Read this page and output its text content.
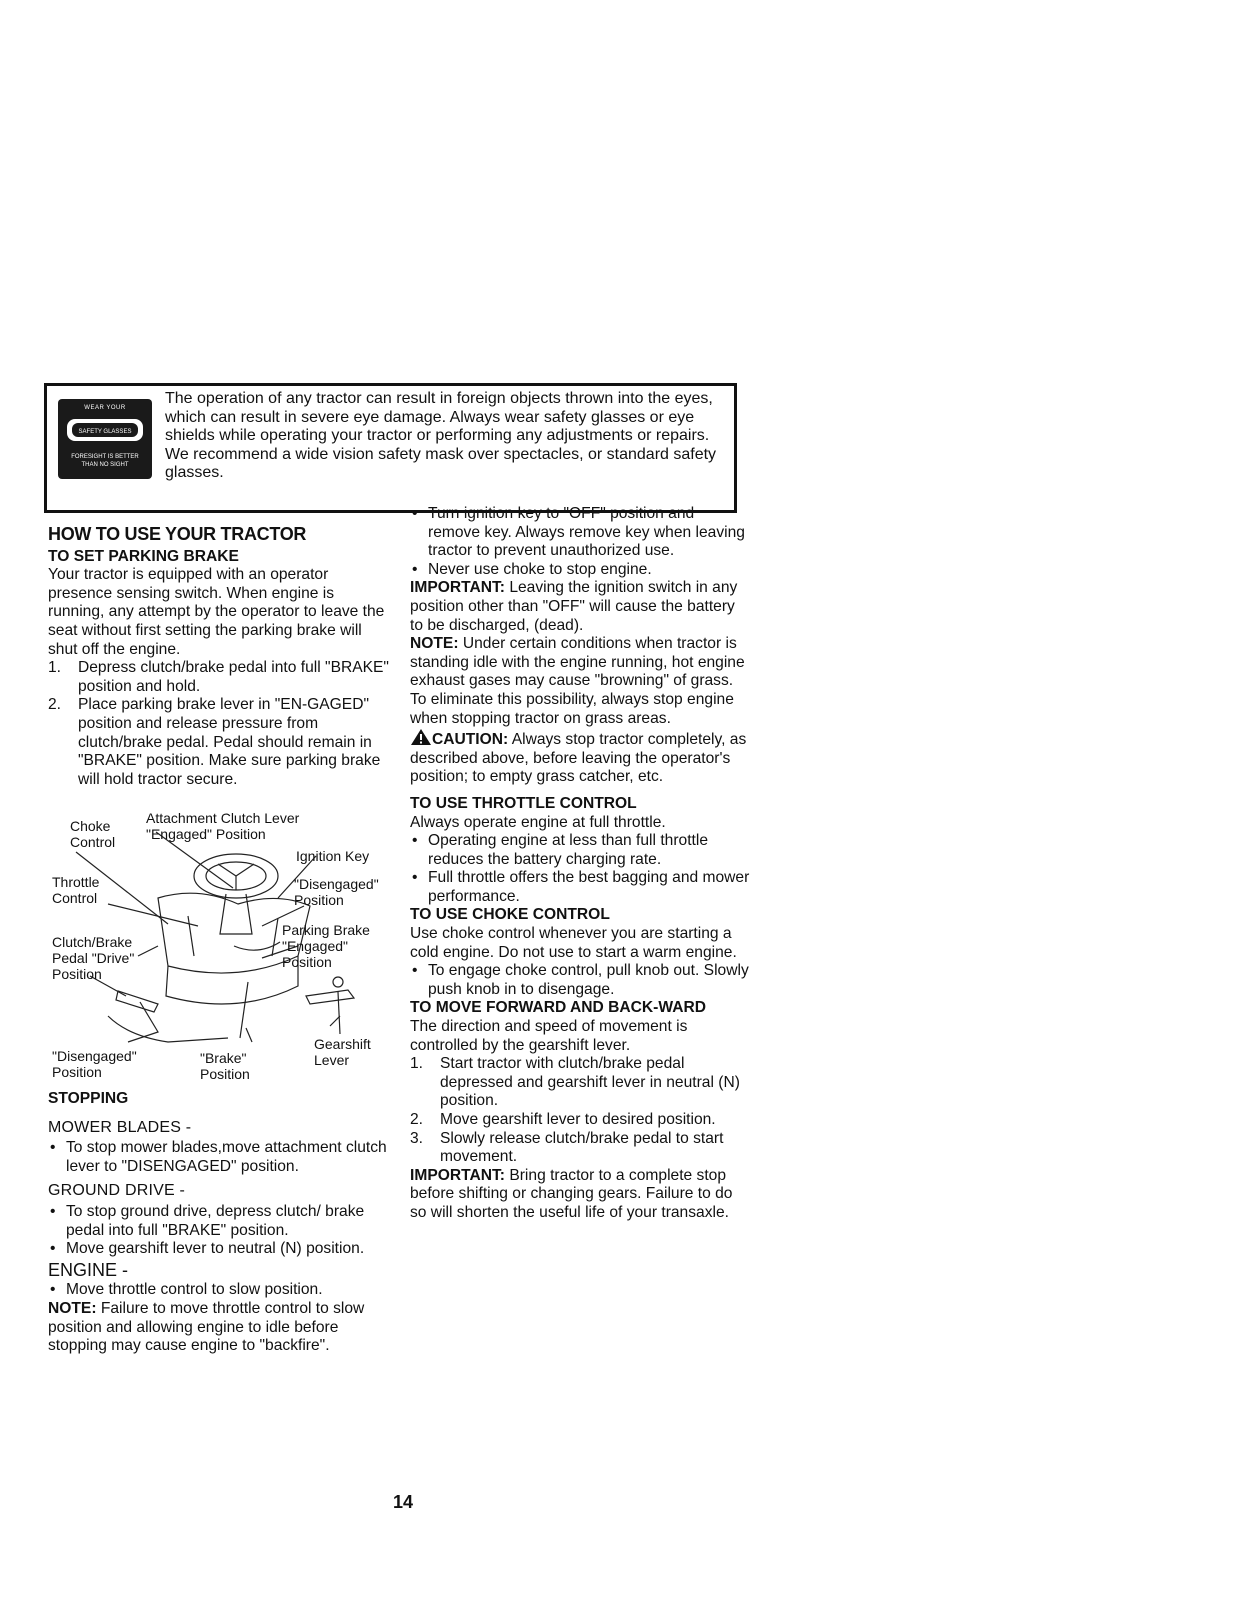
WEAR YOUR
SAFETY GLASSES
FORESIGHT IS BETTER
THAN NO SIGHT

The operation of any tractor can result in foreign objects thrown into the eyes, which can result in severe eye damage. Always wear safety glasses or eye shields while operating your tractor or performing any adjustments or repairs. We recommend a wide vision safety mask over spectacles, or standard safety glasses.

HOW TO USE YOUR TRACTOR
TO SET PARKING BRAKE

Your tractor is equipped with an operator presence sensing switch. When engine is running, any attempt by the operator to leave the seat without first setting the parking brake will shut off the engine.

1. Depress clutch/brake pedal into full "BRAKE" position and hold.
2. Place parking brake lever in "EN-GAGED" position and release pressure from clutch/brake pedal. Pedal should remain in "BRAKE" position. Make sure parking brake will hold tractor secure.
Choke
Control
Attachment Clutch Lever
"Engaged" Position
Ignition Key
Throttle
Control
"Disengaged"
Position
Parking Brake
"Engaged"
Position
Clutch/Brake
Pedal "Drive"
Position
Gearshift
Lever
"Disengaged"
Position
"Brake"
Position
STOPPING
MOWER BLADES -
• To stop mower blades,move attachment clutch lever to "DISENGAGED" position.
GROUND DRIVE -
• To stop ground drive, depress clutch/ brake pedal into full "BRAKE" position.
• Move gearshift lever to neutral (N) position.
ENGINE -
• Move throttle control to slow position.

NOTE: Failure to move throttle control to slow position and allowing engine to idle before stopping may cause engine to "backfire".

• Turn ignition key to "OFF" position and remove key. Always remove key when leaving tractor to prevent unauthorized use.
• Never use choke to stop engine.

IMPORTANT: Leaving the ignition switch in any position other than "OFF" will cause the battery to be discharged, (dead).

NOTE: Under certain conditions when tractor is standing idle with the engine running, hot engine exhaust gases may cause "browning" of grass. To eliminate this possibility, always stop engine when stopping tractor on grass areas.

CAUTION: Always stop tractor completely, as described above, before leaving the operator's position; to empty grass catcher, etc.

TO USE THROTTLE CONTROL

Always operate engine at full throttle.

• Operating engine at less than full throttle reduces the battery charging rate.
• Full throttle offers the best bagging and mower performance.
TO USE CHOKE CONTROL

Use choke control whenever you are starting a cold engine. Do not use to start a warm engine.

• To engage choke control, pull knob out. Slowly push knob in to disengage.
TO MOVE FORWARD AND BACK-WARD

The direction and speed of movement is controlled by the gearshift lever.

1. Start tractor with clutch/brake pedal depressed and gearshift lever in neutral (N) position.
2. Move gearshift lever to desired position.
3. Slowly release clutch/brake pedal to start movement.

IMPORTANT: Bring tractor to a complete stop before shifting or changing gears. Failure to do so will shorten the useful life of your transaxle.

14
